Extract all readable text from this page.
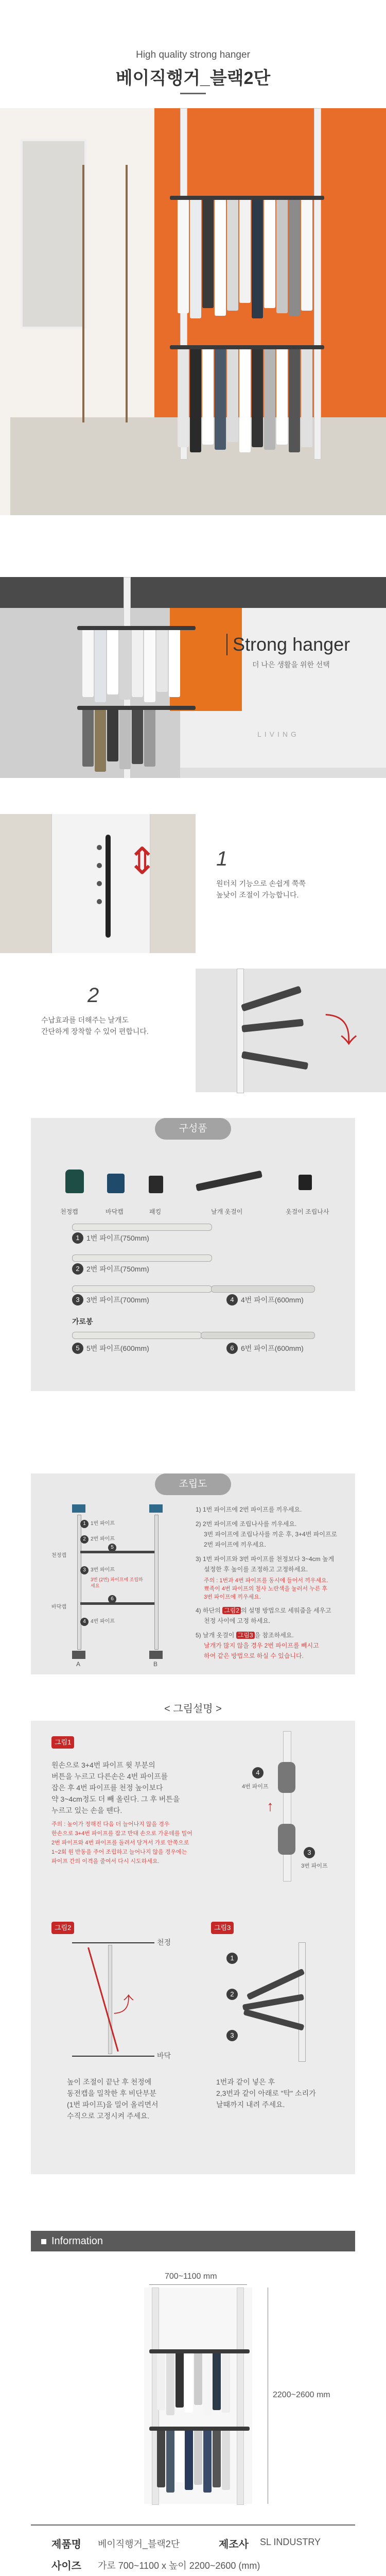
High quality strong hanger
베이직행거_블랙2단
Strong hanger
더 나은 생활을 위한 선택
LIVING
⇕	1
원터치 기능으로 손쉽게 쭉쭉
높낮이 조절이 가능합니다.
2
수납효과를 더해주는 날개도
간단하게 장착할 수 있어 편합니다.	⤵
구성품
천정캡	바닥캡	패킹	날개 옷걸이	옷걸이 조립나사
1 1번 파이프(750mm)
2 2번 파이프(750mm)
3 3번 파이프(700mm)	4 4번 파이프(600mm)
가로봉
5 5번 파이프(600mm)	6 6번 파이프(600mm)
조립도
1
2
3
4
5
6
1번 파이프
2번 파이프
3번 파이프
3번 (2번) 파이프에 조립하세요
4번 파이프
천정캡
바닥캡
A	B
1) 1번 파이프에 2번 파이프를 끼우세요.
2) 2번 파이프에 조립나사를 끼우세요.
3번 파이프에 조립나사를 끼운 후, 3+4번 파이프로
2번 파이프에 끼우세요.
3) 1번 파이프와 3번 파이프를 천정보다 3~4cm 높게
설정한 후 높이를 조정하고 고정하세요.
주의 : 1번과 4번 파이프를 동시에 들어서 끼우세요.
뾰족이 4번 파이프의 철사 노란색을 눌러서 누른 후
3번 파이프에 끼우세요.
4) 하단의 그림2 의 설명 방법으로 세워줍을 세우고
천정 사이에 고정 하세요.
5) 날개 옷걸이 그림3 을 참조하세요.
날개가 많지 않을 경우 2번 파이프를 빼시고
하여 같은 방법으로 하실 수 있습니다.
< 그림설명 >
그림1
원손으로 3+4번 파이프 윗 부분의
버튼을 누르고 다른손은 4번 파이프를
잡은 후 4번 파이프를 천정 높이보다
약 3~4cm정도 더 빼 올린다. 그 후 버튼을
누르고 있는 손을 뗀다.
주의 : 높이가 정해진 다음 더 늘어나지 않을 경우
한손으로 3+4번 파이프를 잡고 반대 손으로 가운데를 밀어
2번 파이프와 4번 파이프를 돌려서 당겨서 가로 안쪽으로
1~2회 원 반동을 주어 조립하고 늘어나지 않을 경우에는
파이프 간의 이격을 줄여서 다시 시도하세요.
4
4번 파이프
3
3번 파이프
↑
그림2
⤴
천정
바닥
높이 조절이 끝난 후 천정에
동전캡을 밀착한 후 비단부분
(1번 파이프)을 밀어 올리면서
수직으로 고정시켜 주세요.
그림3
1
2
3
1번과 같이 넣은 후
2,3번과 같이 아래로 "탁" 소리가
날때까지 내려 주세요.
Information
700~1100 mm
2200~2600 mm
제품명 베이직행거_블랙2단	제조사 SL INDUSTRY
사이즈 가로 700~1100 x 높이 2200~2600 (mm)
